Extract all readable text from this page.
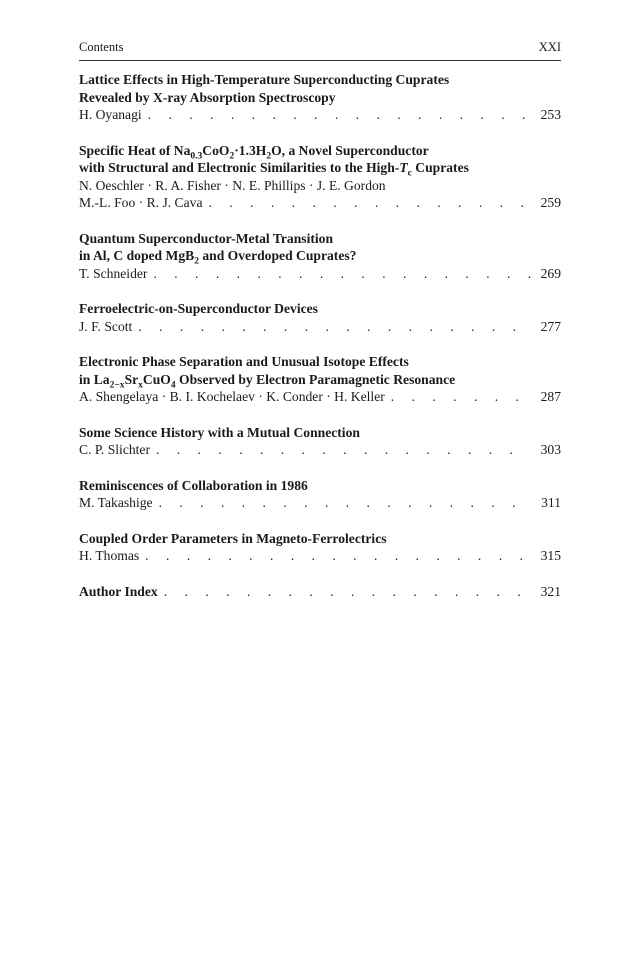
Contents	XXI
Lattice Effects in High-Temperature Superconducting Cuprates
Revealed by X-ray Absorption Spectroscopy
H. Oyanagi . . .	253
Specific Heat of $Na_{0.3}CoO_2\cdot 1.3H_2O$, a Novel Superconductor
with Structural and Electronic Similarities to the High-$T_c$ Cuprates
N. Oeschler · R. A. Fisher · N. E. Phillips · J. E. Gordon
M.-L. Foo · R. J. Cava . . .	259
Quantum Superconductor-Metal Transition
in Al, C doped MgB$_2$ and Overdoped Cuprates?
T. Schneider . . .	269
Ferroelectric-on-Superconductor Devices
J. F. Scott . . .	277
Electronic Phase Separation and Unusual Isotope Effects
in $La_{2-x}Sr_xCuO_4$ Observed by Electron Paramagnetic Resonance
A. Shengelaya · B. I. Kochelaev · K. Conder · H. Keller . . .	287
Some Science History with a Mutual Connection
C. P. Slichter . . .	303
Reminiscences of Collaboration in 1986
M. Takashige . . .	311
Coupled Order Parameters in Magneto-Ferrolectrics
H. Thomas . . .	315
Author Index . . .	321
